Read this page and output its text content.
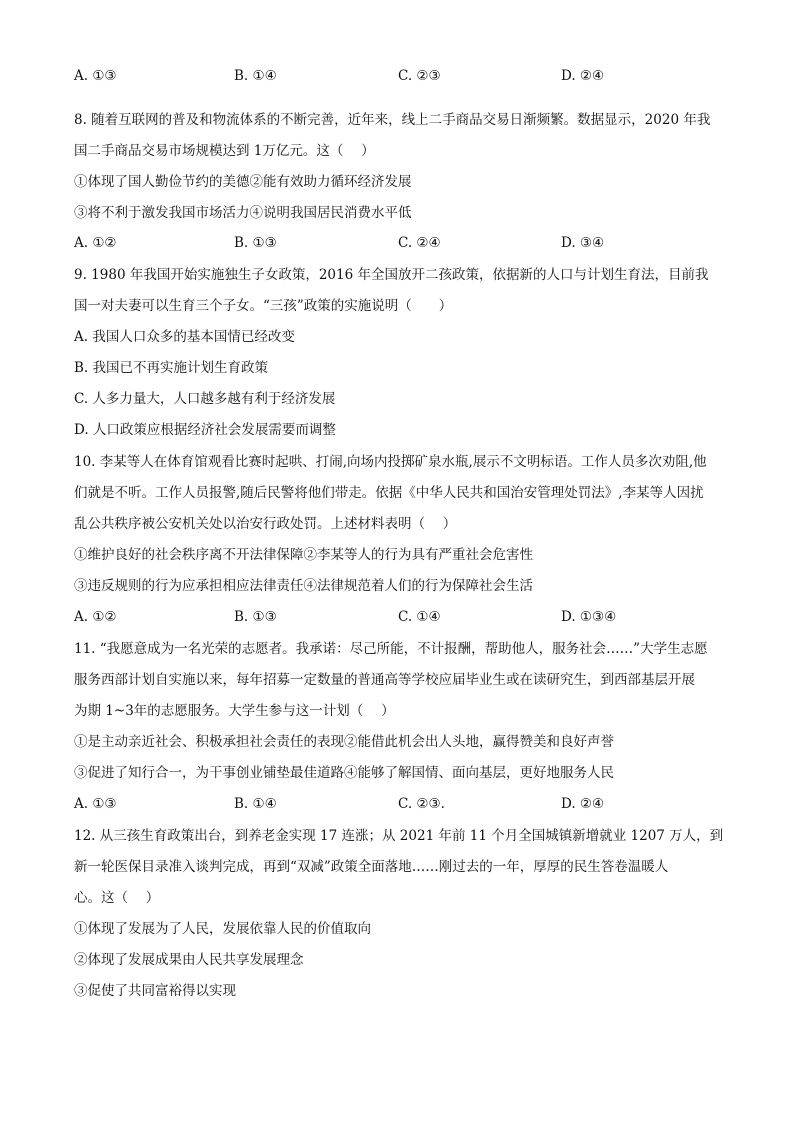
A. ①③	B. ①④	C. ②③	D. ②④
8. 随着互联网的普及和物流体系的不断完善，近年来，线上二手商品交易日渐频繁。数据显示，2020 年我
国二手商品交易市场规模达到 1万亿元。这（　 ）
①体现了国人勤俭节约的美德②能有效助力循环经济发展
③将不利于激发我国市场活力④说明我国居民消费水平低
A. ①②	B. ①③	C. ②④	D. ③④
9. 1980 年我国开始实施独生子女政策，2016 年全国放开二孩政策，依据新的人口与计划生育法，目前我
国一对夫妻可以生育三个子女。“三孩”政策的实施说明（　　）
A. 我国人口众多的基本国情已经改变
B. 我国已不再实施计划生育政策
C. 人多力量大，人口越多越有利于经济发展
D. 人口政策应根据经济社会发展需要而调整
10. 李某等人在体育馆观看比赛时起哄、打闹,向场内投掷矿泉水瓶,展示不文明标语。工作人员多次劝阻,他
们就是不听。工作人员报警,随后民警将他们带走。依据《中华人民共和国治安管理处罚法》,李某等人因扰
乱公共秩序被公安机关处以治安行政处罚。上述材料表明（　 ）
①维护良好的社会秩序离不开法律保障②李某等人的行为具有严重社会危害性
③违反规则的行为应承担相应法律责任④法律规范着人们的行为保障社会生活
A. ①②	B. ①③	C. ①④	D. ①③④
11. “我愿意成为一名光荣的志愿者。我承诺：尽己所能，不计报酬，帮助他人，服务社会……”大学生志愿
服务西部计划自实施以来，每年招募一定数量的普通高等学校应届毕业生或在读研究生，到西部基层开展
为期 1~3年的志愿服务。大学生参与这一计划（　 ）
①是主动亲近社会、积极承担社会责任的表现②能借此机会出人头地，赢得赞美和良好声誉
③促进了知行合一，为干事创业铺垫最佳道路④能够了解国情、面向基层，更好地服务人民
A. ①③	B. ①④	C. ②③.	D. ②④
12. 从三孩生育政策出台，到养老金实现 17 连涨；从 2021 年前 11 个月全国城镇新增就业 1207 万人，到
新一轮医保目录准入谈判完成，再到“双减”政策全面落地……刚过去的一年，厚厚的民生答卷温暖人
心。这（　 ）
①体现了发展为了人民，发展依靠人民的价值取向
②体现了发展成果由人民共享发展理念
③促使了共同富裕得以实现
